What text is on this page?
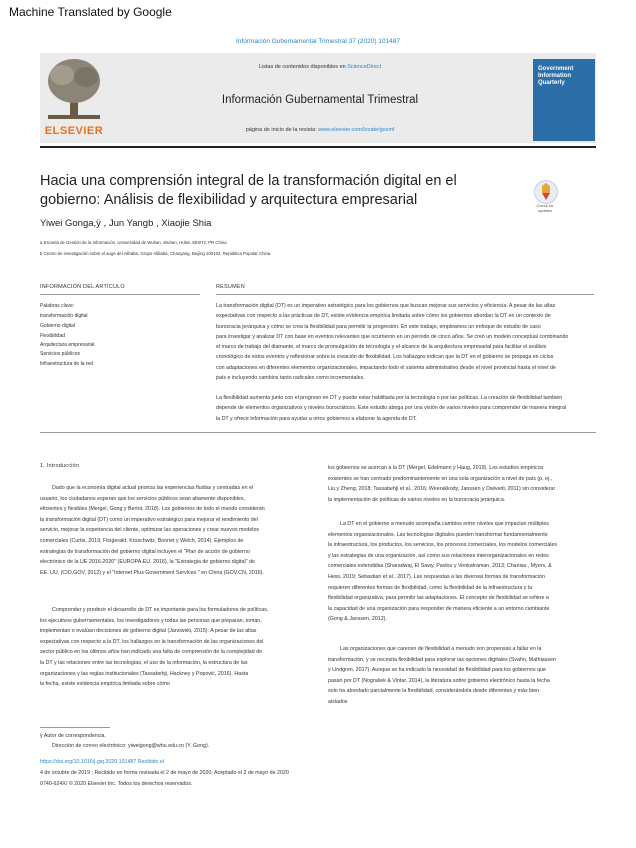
Machine Translated by Google
Información Gubernamental Trimestral 37 (2020) 101487
ELSEVIER
Listas de contenidos disponibles en ScienceDirect
Información Gubernamental Trimestral
página de inicio de la revista: www.elsevier.com/locate/govinf
Government
Information
Quarterly
Hacia una comprensión integral de la transformación digital en el
gobierno: Análisis de flexibilidad y arquitectura empresarial	Check for
updates
Yiwei Gonga,ÿ , Jun Yangb , Xiaojie Shia
a Escuela de Gestión de la Información, Universidad de Wuhan, Wuhan, Hubei 430072, PR China
b Centro de investigación sobre el auge del Alibaba, Grupo Alibaba, Chaoyang, Beijing 100102, República Popular China
INFORMACIÓN DEL ARTÍCULO	RESUMEN
Palabras clave:
transformación digital
Gobierno digital
Flexibilidad
Arquitectura empresarial
Servicios públicos
Infraestructura de la red
La transformación digital (DT) es un imperativo estratégico para los gobiernos que buscan mejorar sus servicios y eficiencia. A pesar de las altas
expectativas con respecto a las prácticas de DT, existe evidencia empírica limitada sobre cómo los gobiernos abordan la DT en un contexto de
burocracia jerárquica y cómo se crea la flexibilidad para permitir la progresión. En este trabajo, empleamos un enfoque de estudio de caso
para investigar y analizar DT con base en eventos relevantes que ocurrieron en un período de cinco años. Se creó un modelo conceptual combinando
el marco de trabajo del diamante, el marco de promulgación de tecnología y el alcance de la arquitectura empresarial para facilitar el análisis
cronológico de estos eventos y reflexionar sobre la creación de flexibilidad. Los hallazgos indican que la DT en el gobierno se propaga en ciclos
con adaptaciones en diferentes elementos organizacionales, impactando todo el sistema administrativo desde el nivel provincial hasta el nivel de
país e incluyendo cambios tanto radicales como incrementales.
La flexibilidad aumenta junto con el progreso en DT y puede estar habilitada por la tecnología o por las políticas. La creación de flexibilidad también
depende de elementos organizativos y niveles burocráticos. Este estudio aboga por una visión de varios niveles para comprender de manera integral
la DT y ofrece información para ayudar a otros gobiernos a elaborar la agenda de DT.
1. Introducción
Dado que la economía digital actual prioriza las experiencias fluidas y centradas en el
usuario, los ciudadanos esperan que los servicios públicos sean altamente disponibles,
eficientes y flexibles (Mergel, Gong y Bertot, 2018). Los gobiernos de todo el mundo consideran
la transformación digital (DT) como un imperativo estratégico para mejorar el rendimiento del
servicio, mejorar la experiencia del cliente, optimizar las operaciones y crear nuevos modelos
comerciales (Curtis, 2019; Fitzgerald, Kruschwitz, Bonnet y Welch, 2014). Ejemplos de
estrategias de transformación del gobierno digital incluyen el "Plan de acción de gobierno
electrónico de la UE 2016-2020" (EUROPA.EU, 2016), la "Estrategia de gobierno digital" de
EE. UU. (CIO.GOV, 2012) y el "Internet Plus Government Services " en China (GOV.CN, 2016).
Comprender y predecir el desarrollo de DT es importante para los formuladores de políticas,
los ejecutivos gubernamentales, los investigadores y todas las personas que preparan, toman,
implementan o evalúan decisiones de gobierno digital (Janowski, 2015). A pesar de las altas
expectativas con respecto a la DT, los hallazgos en la transformación de las organizaciones del
sector público en los últimos años han indicado una falta de comprensión de la complejidad de
la DT y las relaciones entre las tecnologías, el uso de la información, la estructura de las
organizaciones y las reglas institucionales (Tassabehji, Hackney y Popović, 2016). Hasta
la fecha, existe evidencia empírica limitada sobre cómo
los gobiernos se acercan a la DT (Mergel, Edelmann y Haug, 2019). Los estudios empíricos
existentes se han centrado predominantemente en una sola organización a nivel de país (p. ej.,
Liu y Zheng, 2018; Tassabehji et al., 2016; Weerakkody, Janssen y Dwivedi, 2011) sin considerar
la implementación de políticas de varios niveles en la burocracia jerárquica.
La DT en el gobierno a menudo acompaña cambios entre niveles que impactan múltiples
elementos organizacionales. Las tecnologías digitales pueden transformar fundamentalmente
la infraestructura, los productos, los servicios, los procesos comerciales, los modelos comerciales
y las estrategias de una organización, así como sus relaciones interorganizacionales en redes
comerciales extendidas (Sharadwaj, El Sawy, Pavlou y Venkatraman, 2013; Chanias , Myers, &
Hess, 2019; Sebastian et al., 2017). Las respuestas a las diversas formas de transformación
requieren diferentes formas de flexibilidad, como la flexibilidad de la infraestructura y la
flexibilidad organizativa, para permitir las adaptaciones. El concepto de flexibilidad se refiere a
la capacidad de una organización para responder de manera eficiente a un entorno cambiante
(Gong & Janssen, 2012).
Las organizaciones que carecen de flexibilidad a menudo son propensas a fallar en la
transformación, y se necesita flexibilidad para explorar las opciones digitales (Svahn, Mathiassen
y Lindgren, 2017). Aunque se ha indicado la necesidad de flexibilidad para los gobiernos que
pasan por DT (Nograšek & Vintar, 2014), la literatura sobre gobierno electrónico hasta la fecha
solo ha abordado parcialmente la flexibilidad, considerándola desde diferentes y más bien
aislados
ÿ Autor de correspondencia.
Dirección de correo electrónico: yiweigong@whu.edu.cn (Y. Gong).
https://doi.org/10.1016/j.giq.2020.101487 Recibido el
4 de octubre de 2019 ; Recibido en forma revisada el 2 de mayo de 2020; Aceptado el 2 de mayo de 2020
0740-624X/ © 2020 Elsevier Inc. Todos los derechos reservados.
